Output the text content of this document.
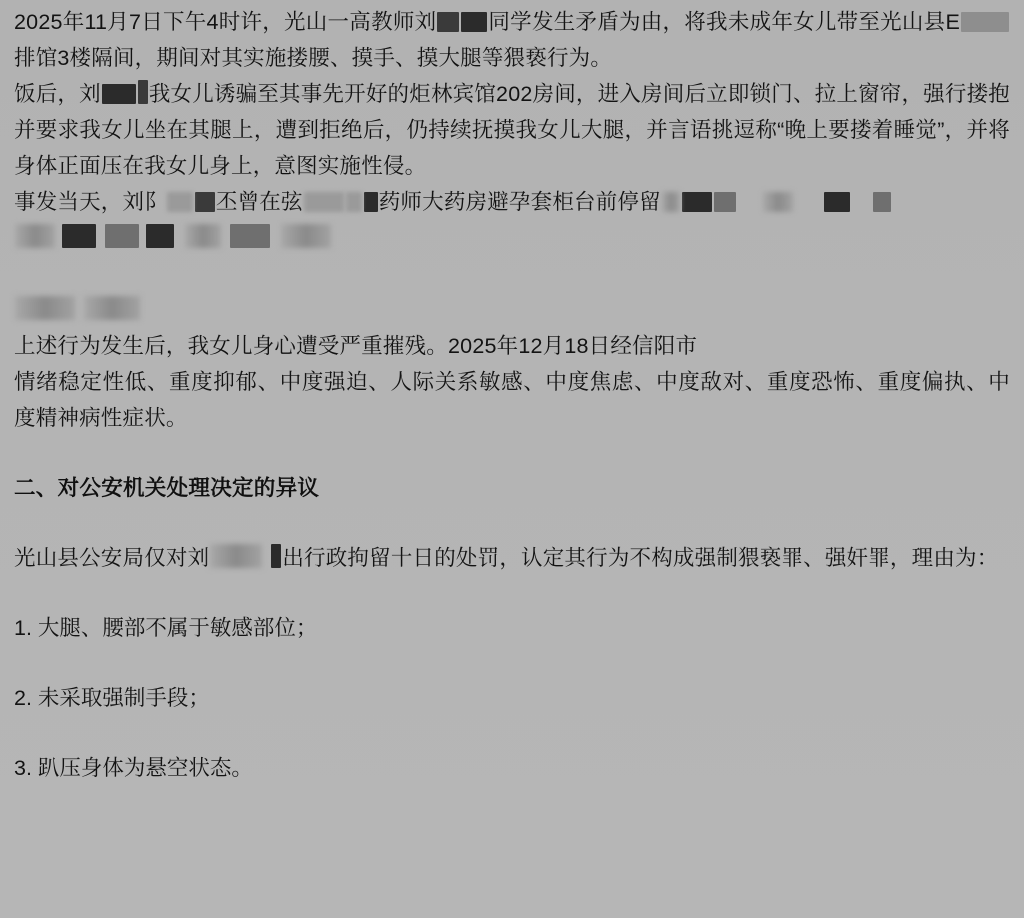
2025年11月7日下午4时许，光山一高教师刘 同学发生矛盾为由，将我未成年女儿带至光山县E排馆3楼隔间，期间对其实施搂腰、摸手、摸大腿等猥亵行为。

饭后，刘 我女儿诱骗至其事先开好的炬林宾馆202房间，进入房间后立即锁门、拉上窗帘，强行搂抱并要求我女儿坐在其腿上，遭到拒绝后，仍持续抚摸我女儿大腿，并言语挑逗称“晚上要搂着睡觉”，并将身体正面压在我女儿身上，意图实施性侵。

事发当天，刘阝 丕曾在弦	药师大药房避孕套柜台前停留

上述行为发生后，我女儿身心遭受严重摧残。2025年12月18日经信阳市

情绪稳定性低、重度抑郁、中度强迫、人际关系敏感、中度焦虑、中度敌对、重度恐怖、重度偏执、中度精神病性症状。

二、对公安机关处理决定的异议

光山县公安局仅对刘	出行政拘留十日的处罚，认定其行为不构成强制猥亵罪、强奸罪，理由为：

1. 大腿、腰部不属于敏感部位；

2. 未采取强制手段；

3. 趴压身体为悬空状态。
